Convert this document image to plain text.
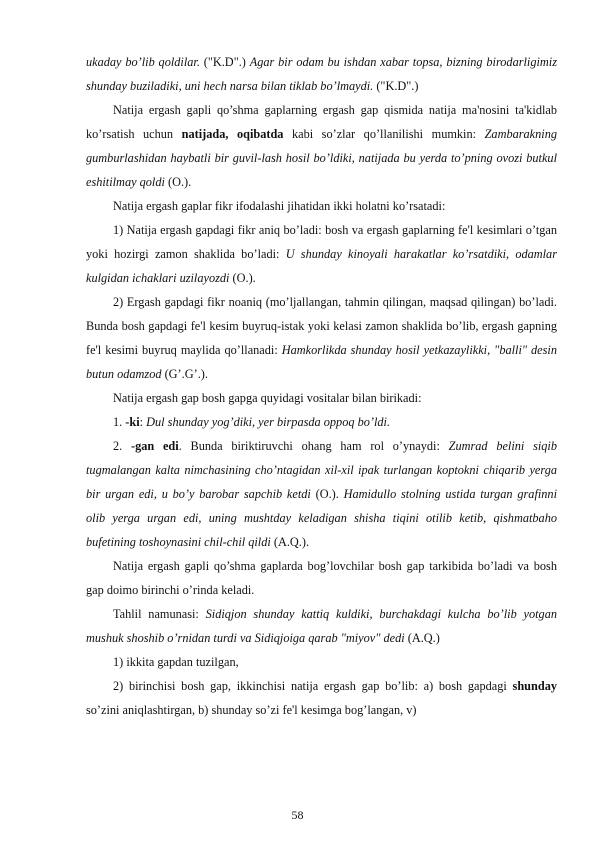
ukaday bo’lib qoldilar. ("K.D".) Agar bir odam bu ishdan xabar topsa, bizning birodarligimiz shunday buziladiki, uni hech narsa bilan tiklab bo’lmaydi. ("K.D".)

Natija ergash gapli qo’shma gaplarning ergash gap qismida natija ma'nosini ta'kidlab ko’rsatish uchun natijada, oqibatda kabi so’zlar qo’llanilishi mumkin: Zambarakning gumburlashidan haybatli bir guvil-lash hosil bo’ldiki, natijada bu yerda to’pning ovozi butkul eshitilmay qoldi (O.).

Natija ergash gaplar fikr ifodalashi jihatidan ikki holatni ko’rsatadi:

1) Natija ergash gapdagi fikr aniq bo’ladi: bosh va ergash gaplarning fe'l kesimlari o’tgan yoki hozirgi zamon shaklida bo’ladi: U shunday kinoyali harakatlar ko’rsatdiki, odamlar kulgidan ichaklari uzilayozdi (O.).

2) Ergash gapdagi fikr noaniq (mo’ljallangan, tahmin qilingan, maqsad qilingan) bo’ladi. Bunda bosh gapdagi fe'l kesim buyruq-istak yoki kelasi zamon shaklida bo’lib, ergash gapning fe'l kesimi buyruq maylida qo’llanadi: Hamkorlikda shunday hosil yetkazaylikki, "balli" desin butun odamzod (G’.G’.).

Natija ergash gap bosh gapga quyidagi vositalar bilan birikadi:

1. -ki: Dul shunday yog’diki, yer birpasda oppoq bo’ldi.

2. -gan edi. Bunda biriktiruvchi ohang ham rol o’ynaydi: Zumrad belini siqib tugmalangan kalta nimchasining cho’ntagidan xil-xil ipak turlangan koptokni chiqarib yerga bir urgan edi, u bo’y barobar sapchib ketdi (O.). Hamidullo stolning ustida turgan grafinni olib yerga urgan edi, uning mushtday keladigan shisha tiqini otilib ketib, qishmatbaho bufetining toshoynasini chil-chil qildi (A.Q.).

Natija ergash gapli qo’shma gaplarda bog’lovchilar bosh gap tarkibida bo’ladi va bosh gap doimo birinchi o’rinda keladi.

Tahlil namunasi: Sidiqjon shunday kattiq kuldiki, burchakdagi kulcha bo’lib yotgan mushuk shoshib o’rnidan turdi va Sidiqjoiga qarab "miyov" dedi (A.Q.)

1) ikkita gapdan tuzilgan,

2) birinchisi bosh gap, ikkinchisi natija ergash gap bo’lib: a) bosh gapdagi shunday so’zini aniqlashtirgan, b) shunday so’zi fe'l kesimga bog’langan, v)

58
